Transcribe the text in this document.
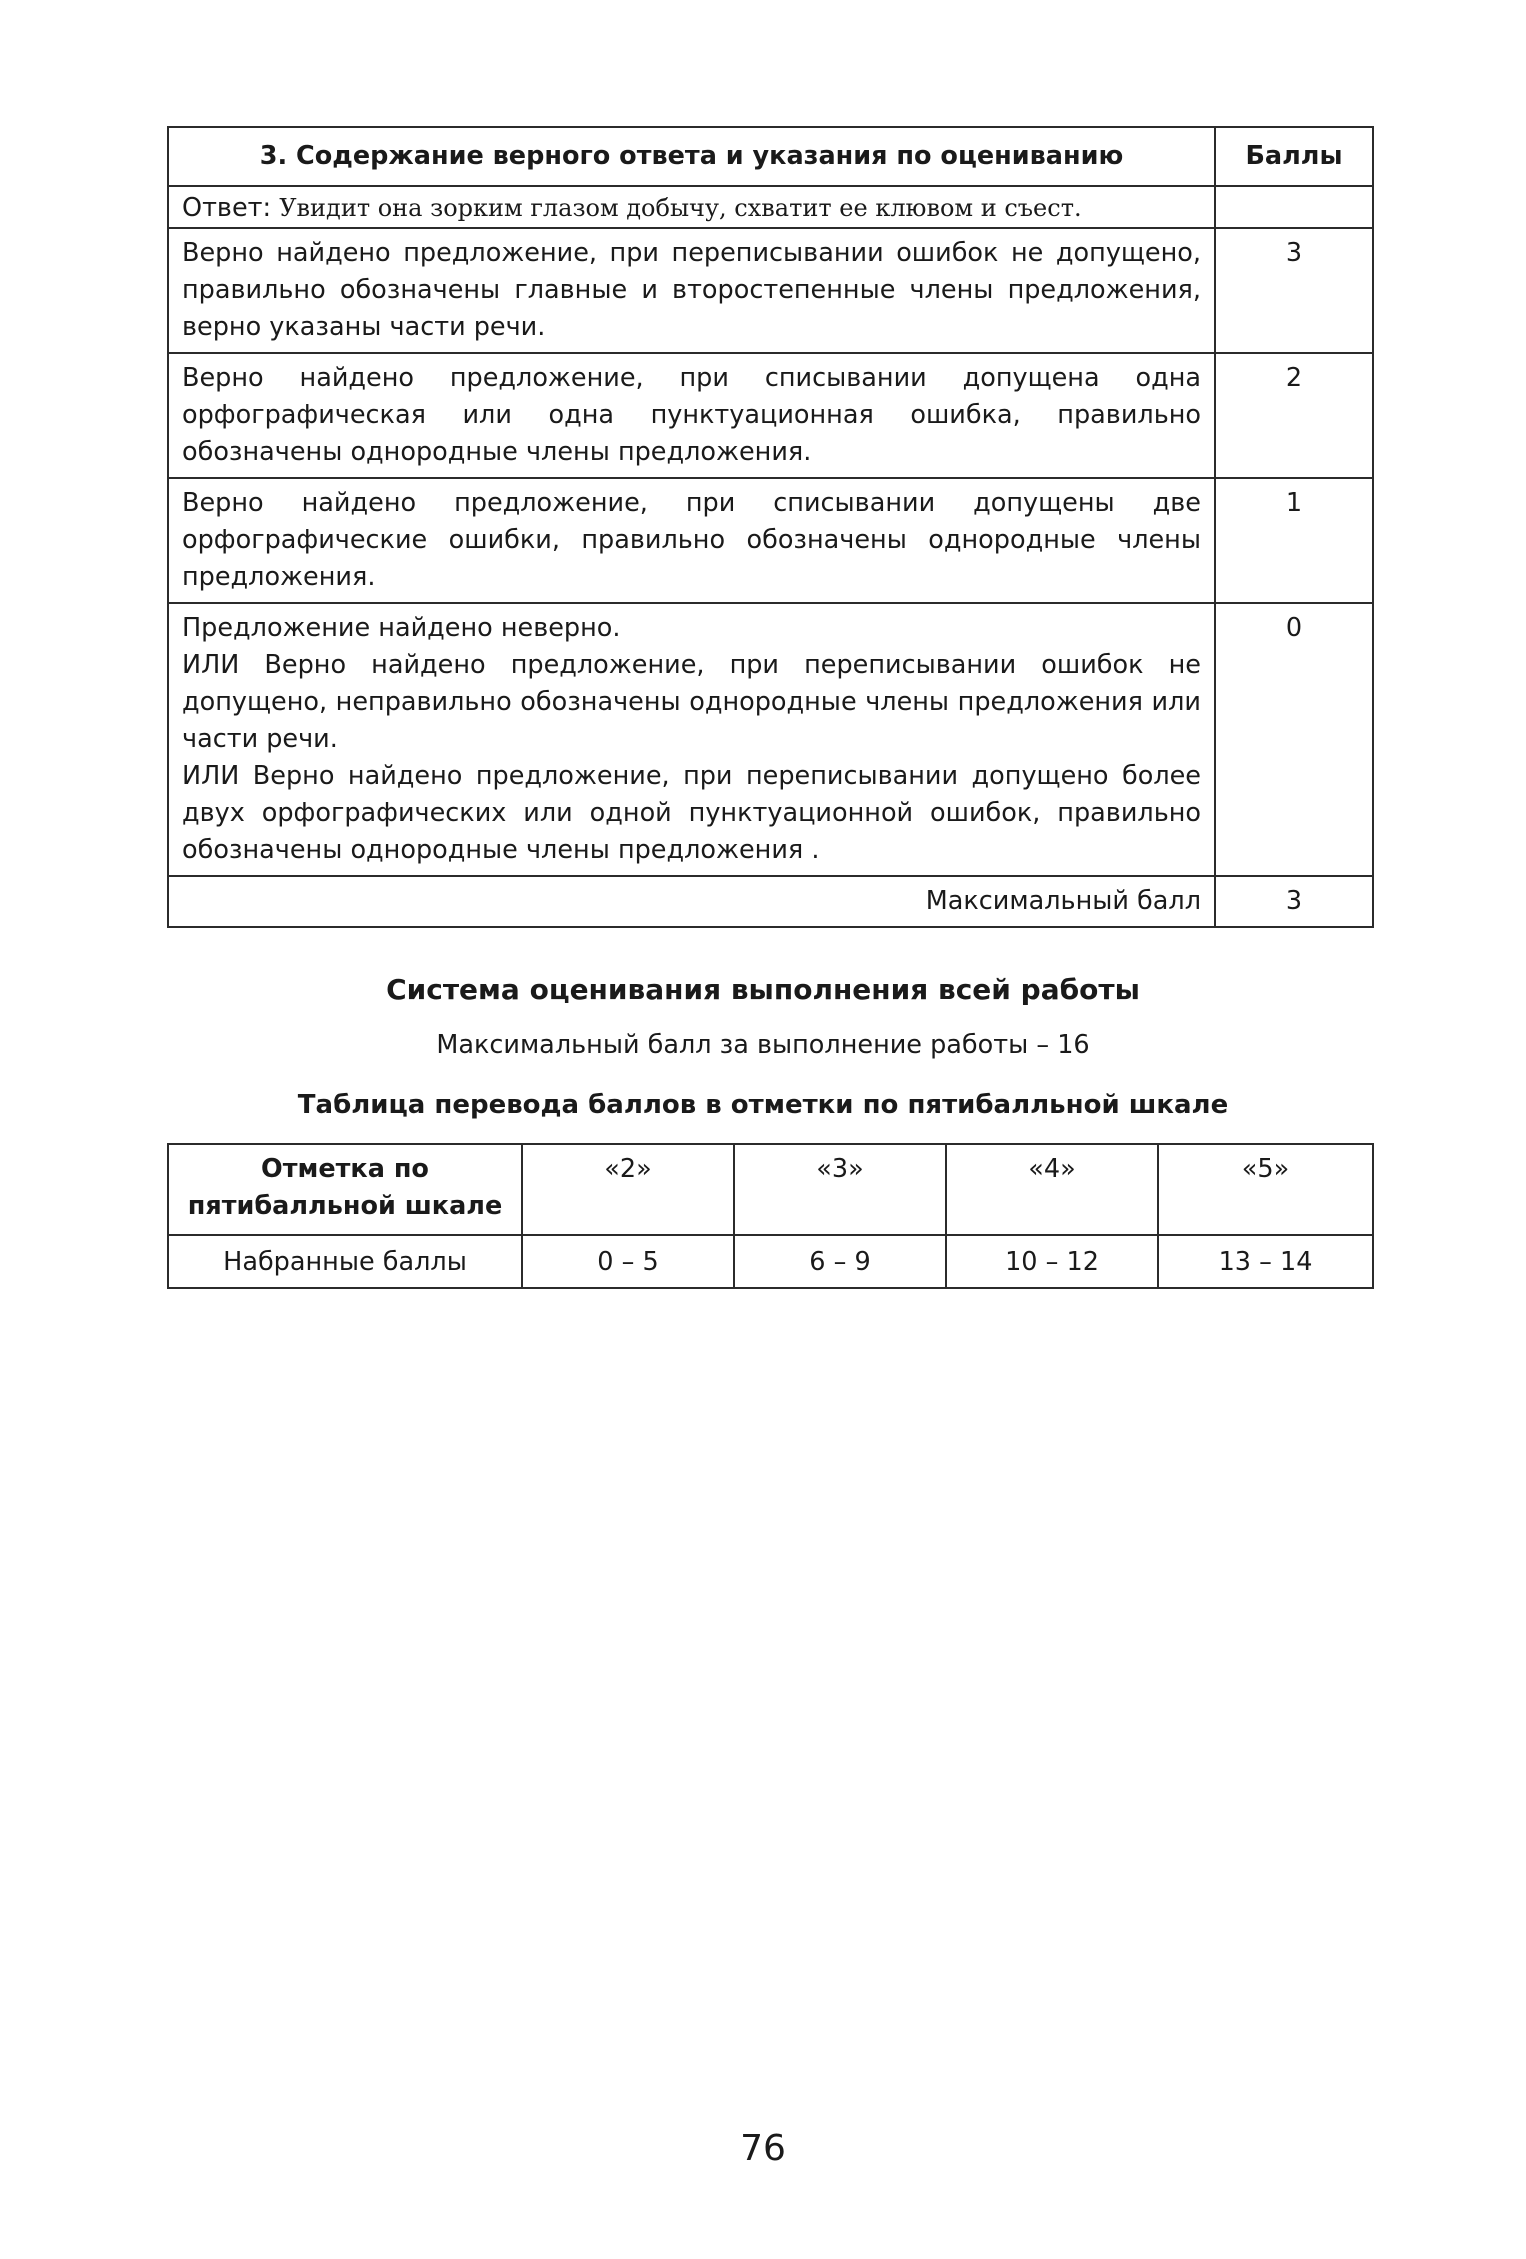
3. Содержание верного ответа и указания по оцениванию	Баллы
Ответ: Увидит она зорким глазом добычу, схватит ее клювом и съест.	

Верно найдено предложение, при переписывании ошибок не допущено, правильно обозначены главные и второстепенные члены предложения, верно указаны части речи.	3

Верно найдено предложение, при списывании допущена одна орфографическая или одна пунктуационная ошибка, правильно обозначены однородные члены предложения.	2

Верно найдено предложение, при списывании допущены две орфографические ошибки, правильно обозначены однородные члены предложения.	1

Предложение найдено неверно.
ИЛИ Верно найдено предложение, при переписывании ошибок не допущено, неправильно обозначены однородные члены предложения или части речи.
ИЛИ Верно найдено предложение, при переписывании допущено более двух орфографических или одной пунктуационной ошибок, правильно обозначены однородные члены предложения .	0
Максимальный балл	3
Система оценивания выполнения всей работы
Максимальный балл за выполнение работы – 16
Таблица перевода баллов в отметки по пятибалльной шкале
Отметка по пятибалльной шкале	«2»	«3»	«4»	«5»
Набранные баллы	0 – 5	6 – 9	10 – 12	13 – 14
76
